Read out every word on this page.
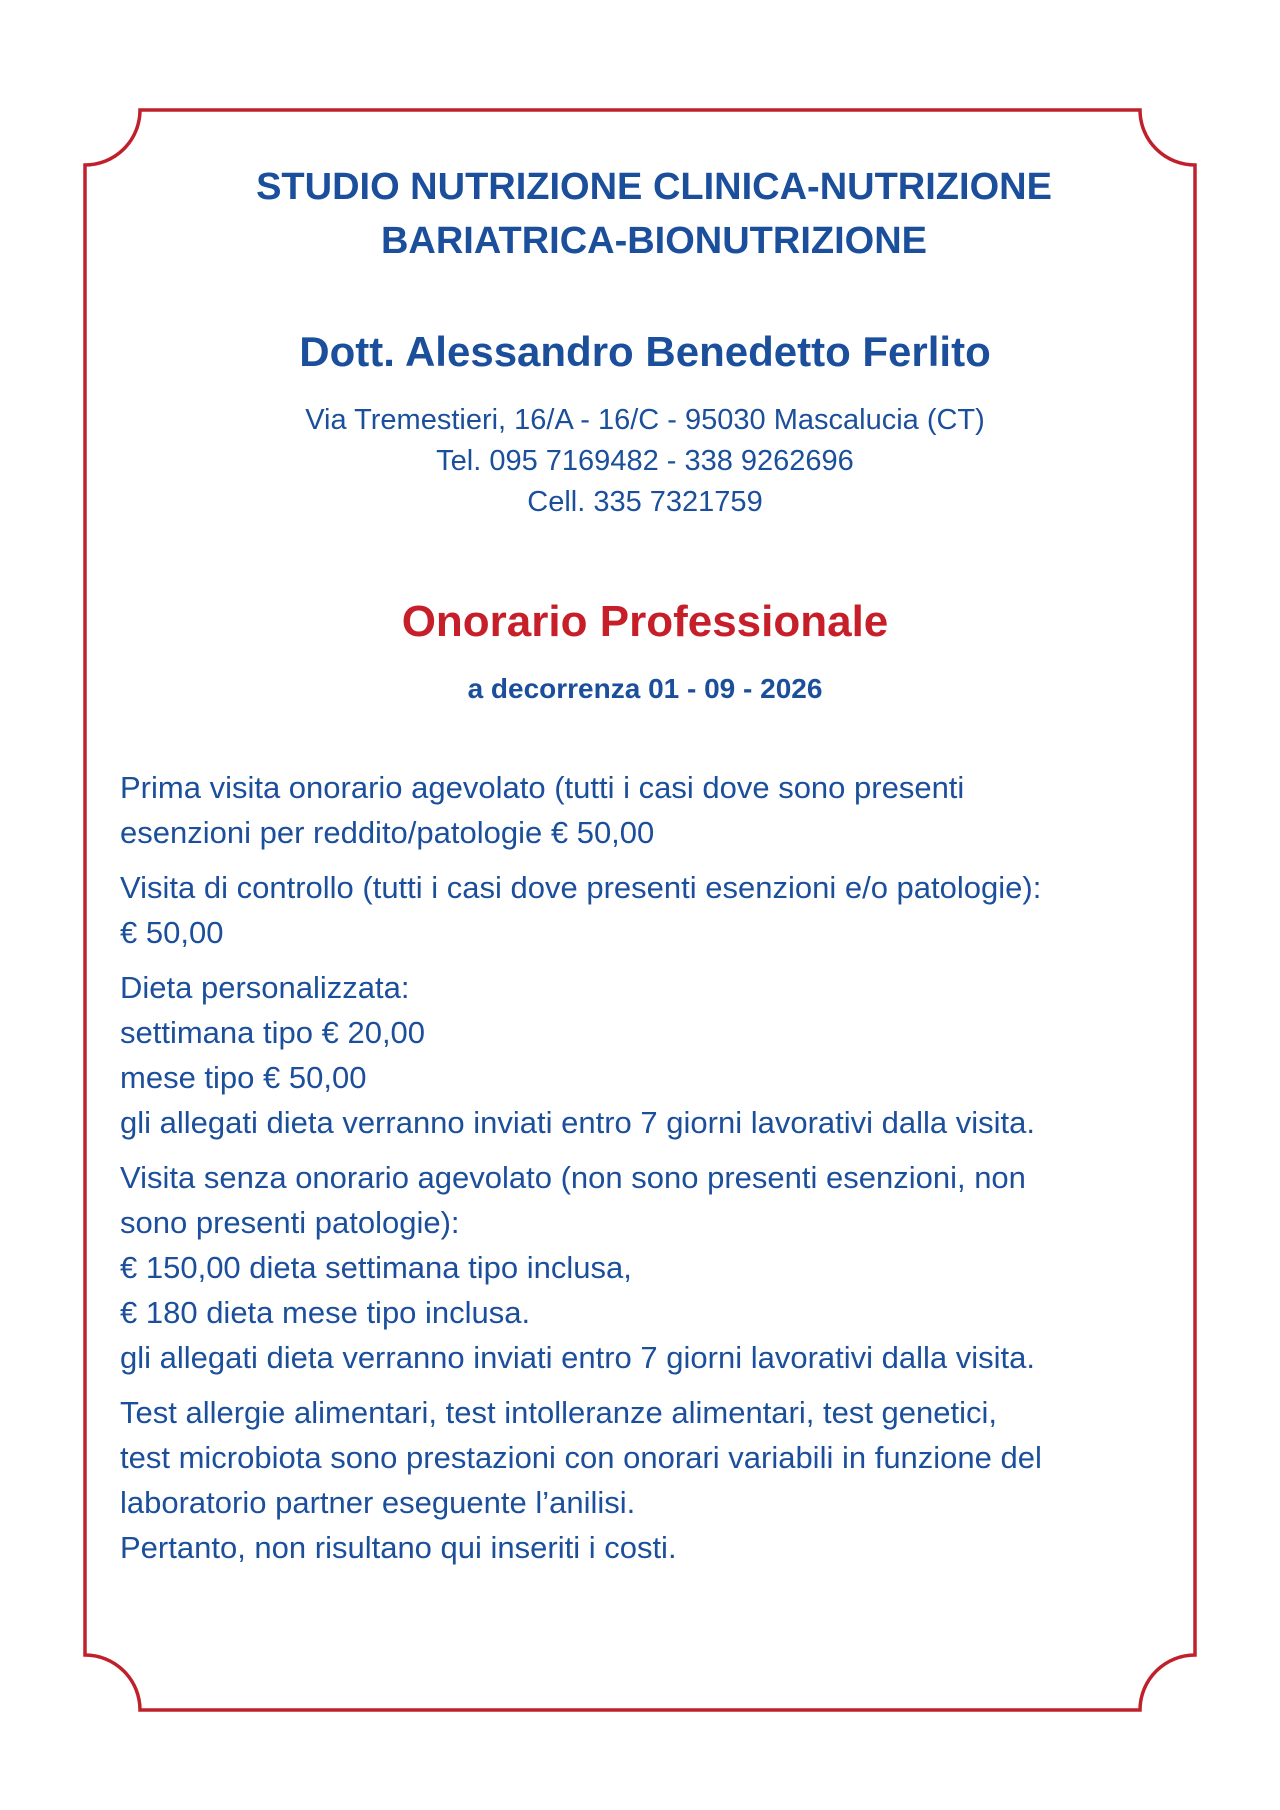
STUDIO NUTRIZIONE CLINICA-NUTRIZIONE
BARIATRICA-BIONUTRIZIONE
Dott. Alessandro Benedetto Ferlito
Via Tremestieri, 16/A - 16/C - 95030 Mascalucia (CT)
Tel. 095 7169482 - 338 9262696
Cell. 335 7321759
Onorario Professionale
a decorrenza 01 - 09 - 2026
Prima visita onorario agevolato (tutti i casi dove sono presenti
esenzioni per reddito/patologie € 50,00
Visita di controllo (tutti i casi dove presenti esenzioni e/o patologie):
€ 50,00
Dieta personalizzata:
settimana tipo € 20,00
mese tipo € 50,00
gli allegati dieta verranno inviati entro 7 giorni lavorativi dalla visita.
Visita senza onorario agevolato (non sono presenti esenzioni, non
sono presenti patologie):
€ 150,00 dieta settimana tipo inclusa,
€ 180 dieta mese tipo inclusa.
gli allegati dieta verranno inviati entro 7 giorni lavorativi dalla visita.
Test allergie alimentari, test intolleranze alimentari, test genetici,
test microbiota sono prestazioni con onorari variabili in funzione del
laboratorio partner eseguente l’anilisi.
Pertanto, non risultano qui inseriti i costi.
